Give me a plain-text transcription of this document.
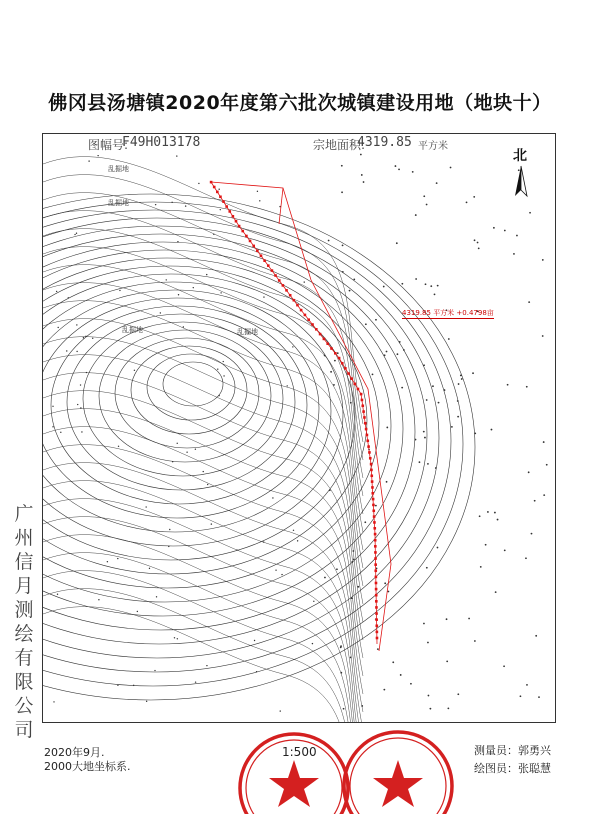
佛冈县汤塘镇2020年度第六批次城镇建设用地（地块十）
图幅号:
F49H013178	宗地面积:
4319.85 平方米
北
4319.85 平方米 +0.4798亩
乱掘地
乱掘地
乱掘地	乱掘地
广州信月测绘有限公司
2020年9月.
2000大地坐标系.
1:500	测量员：郭勇兴
绘图员：张聪慧
